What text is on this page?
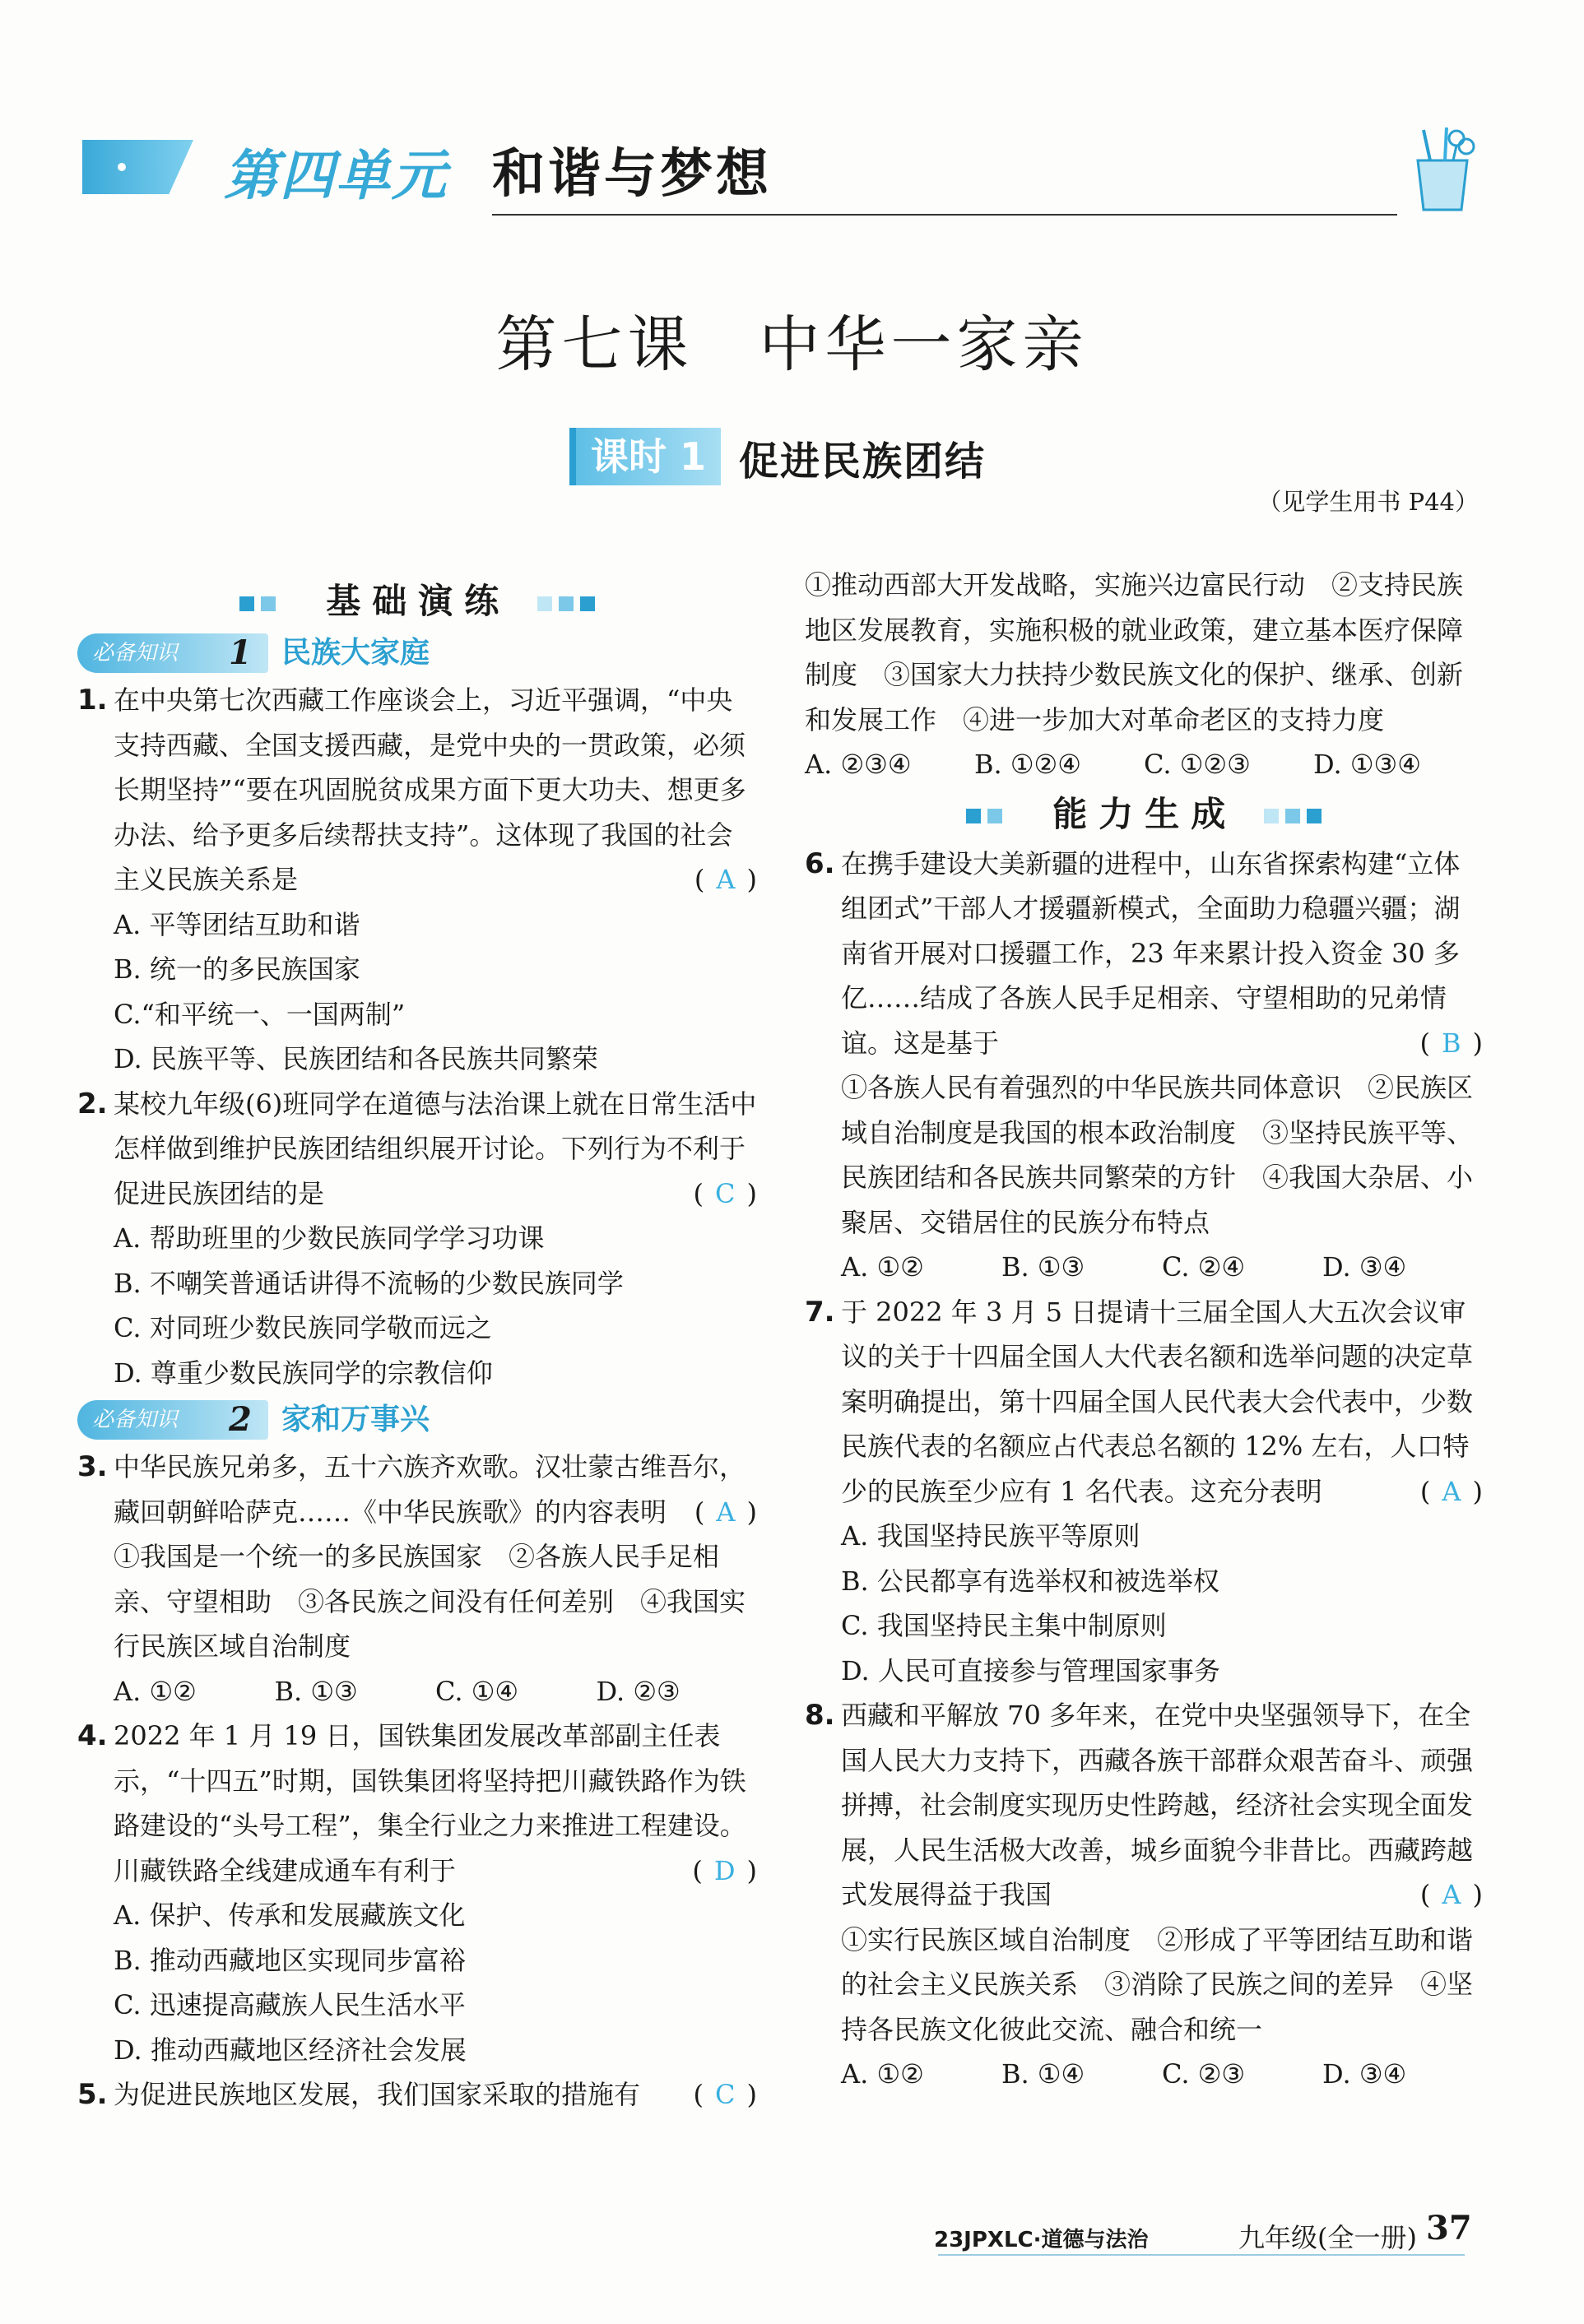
第四单元 和谐与梦想
第七课　中华一家亲
课时 1 促进民族团结
（见学生用书 P44）
基础演练
必备知识	1	民族大家庭
1. 在中央第七次西藏工作座谈会上，习近平强调，“中央支持西藏、全国支援西藏，是党中央的一贯政策，必须长期坚持”“要在巩固脱贫成果方面下更大功夫、想更多办法、给予更多后续帮扶支持”。这体现了我国的社会主义民族关系是	( A )
A. 平等团结互助和谐
B. 统一的多民族国家
C.“和平统一、一国两制”
D. 民族平等、民族团结和各民族共同繁荣
2. 某校九年级(6)班同学在道德与法治课上就在日常生活中怎样做到维护民族团结组织展开讨论。下列行为不利于促进民族团结的是	( C )
A. 帮助班里的少数民族同学学习功课
B. 不嘲笑普通话讲得不流畅的少数民族同学
C. 对同班少数民族同学敬而远之
D. 尊重少数民族同学的宗教信仰
必备知识	2	家和万事兴
3. 中华民族兄弟多，五十六族齐欢歌。汉壮蒙古维吾尔，藏回朝鲜哈萨克……《中华民族歌》的内容表明 ( A )
①我国是一个统一的多民族国家　②各族人民手足相亲、守望相助　③各民族之间没有任何差别　④我国实行民族区域自治制度
A. ①②	B. ①③	C. ①④	D. ②③
4. 2022 年 1 月 19 日，国铁集团发展改革部副主任表示，“十四五”时期，国铁集团将坚持把川藏铁路作为铁路建设的“头号工程”，集全行业之力来推进工程建设。川藏铁路全线建成通车有利于	( D )
A. 保护、传承和发展藏族文化
B. 推动西藏地区实现同步富裕
C. 迅速提高藏族人民生活水平
D. 推动西藏地区经济社会发展
5. 为促进民族地区发展，我们国家采取的措施有 ( C )
①推动西部大开发战略，实施兴边富民行动　②支持民族地区发展教育，实施积极的就业政策，建立基本医疗保障制度　③国家大力扶持少数民族文化的保护、继承、创新和发展工作　④进一步加大对革命老区的支持力度
A. ②③④	B. ①②④	C. ①②③	D. ①③④
能力生成
6. 在携手建设大美新疆的进程中，山东省探索构建“立体组团式”干部人才援疆新模式，全面助力稳疆兴疆；湖南省开展对口援疆工作，23 年来累计投入资金 30 多亿……结成了各族人民手足相亲、守望相助的兄弟情谊。这是基于	( B )
①各族人民有着强烈的中华民族共同体意识　②民族区域自治制度是我国的根本政治制度　③坚持民族平等、民族团结和各民族共同繁荣的方针　④我国大杂居、小聚居、交错居住的民族分布特点
A. ①②	B. ①③	C. ②④	D. ③④
7. 于 2022 年 3 月 5 日提请十三届全国人大五次会议审议的关于十四届全国人大代表名额和选举问题的决定草案明确提出，第十四届全国人民代表大会代表中，少数民族代表的名额应占代表总名额的 12% 左右，人口特少的民族至少应有 1 名代表。这充分表明	( A )
A. 我国坚持民族平等原则
B. 公民都享有选举权和被选举权
C. 我国坚持民主集中制原则
D. 人民可直接参与管理国家事务
8. 西藏和平解放 70 多年来，在党中央坚强领导下，在全国人民大力支持下，西藏各族干部群众艰苦奋斗、顽强拼搏，社会制度实现历史性跨越，经济社会实现全面发展，人民生活极大改善，城乡面貌今非昔比。西藏跨越式发展得益于我国	( A )
①实行民族区域自治制度　②形成了平等团结互助和谐的社会主义民族关系　③消除了民族之间的差异　④坚持各民族文化彼此交流、融合和统一
A. ①②	B. ①④	C. ②③	D. ③④
23JPXLC·道德与法治	九年级(全一册) 37
